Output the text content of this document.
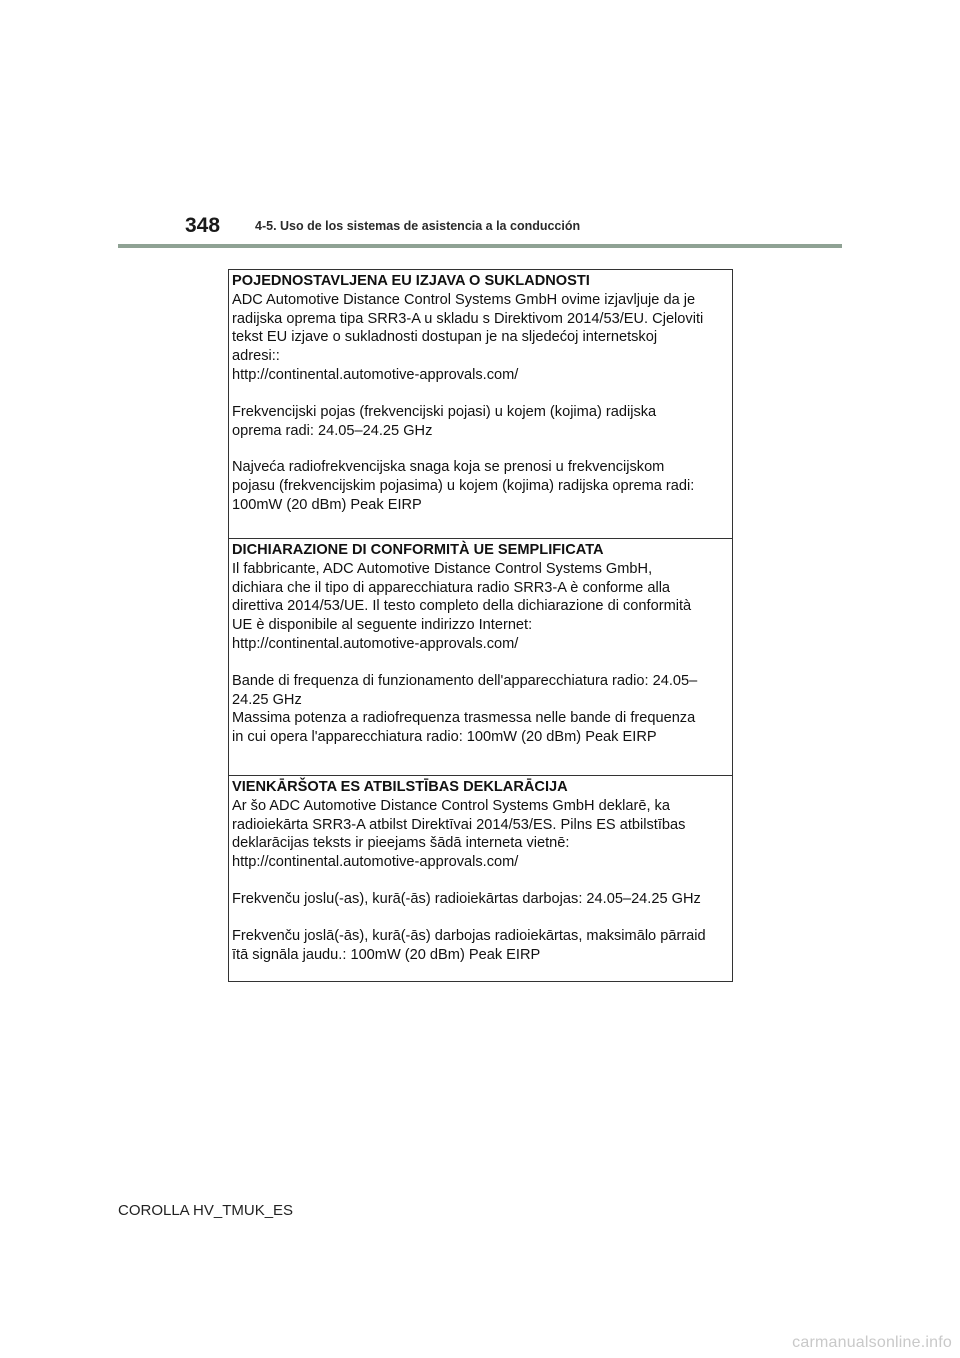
348	4-5. Uso de los sistemas de asistencia a la conducción
POJEDNOSTAVLJENA EU IZJAVA O SUKLADNOSTI
ADC Automotive Distance Control Systems GmbH ovime izjavljuje da je
radijska oprema tipa SRR3-A u skladu s Direktivom 2014/53/EU. Cjeloviti
tekst EU izjave o sukladnosti dostupan je na sljedećoj internetskoj
adresi::
http://continental.automotive-approvals.com/
Frekvencijski pojas (frekvencijski pojasi) u kojem (kojima) radijska
oprema radi: 24.05–24.25 GHz
Najveća radiofrekvencijska snaga koja se prenosi u frekvencijskom
pojasu (frekvencijskim pojasima) u kojem (kojima) radijska oprema radi:
100mW (20 dBm) Peak EIRP
DICHIARAZIONE DI CONFORMITÀ UE SEMPLIFICATA
Il fabbricante, ADC Automotive Distance Control Systems GmbH,
dichiara che il tipo di apparecchiatura radio SRR3-A è conforme alla
direttiva 2014/53/UE. Il testo completo della dichiarazione di conformità
UE è disponibile al seguente indirizzo Internet:
http://continental.automotive-approvals.com/
Bande di frequenza di funzionamento dell'apparecchiatura radio: 24.05–
24.25 GHz
Massima potenza a radiofrequenza trasmessa nelle bande di frequenza
in cui opera l'apparecchiatura radio: 100mW (20 dBm) Peak EIRP
VIENKĀRŠOTA ES ATBILSTĪBAS DEKLARĀCIJA
Ar šo ADC Automotive Distance Control Systems GmbH deklarē, ka
radioiekārta SRR3-A atbilst Direktīvai 2014/53/ES. Pilns ES atbilstības
deklarācijas teksts ir pieejams šādā interneta vietnē:
http://continental.automotive-approvals.com/
Frekvenču joslu(-as), kurā(-ās) radioiekārtas darbojas: 24.05–24.25 GHz
Frekvenču joslā(-ās), kurā(-ās) darbojas radioiekārtas, maksimālo pārraid
ītā signāla jaudu.: 100mW (20 dBm) Peak EIRP
COROLLA HV_TMUK_ES
carmanualsonline.info
